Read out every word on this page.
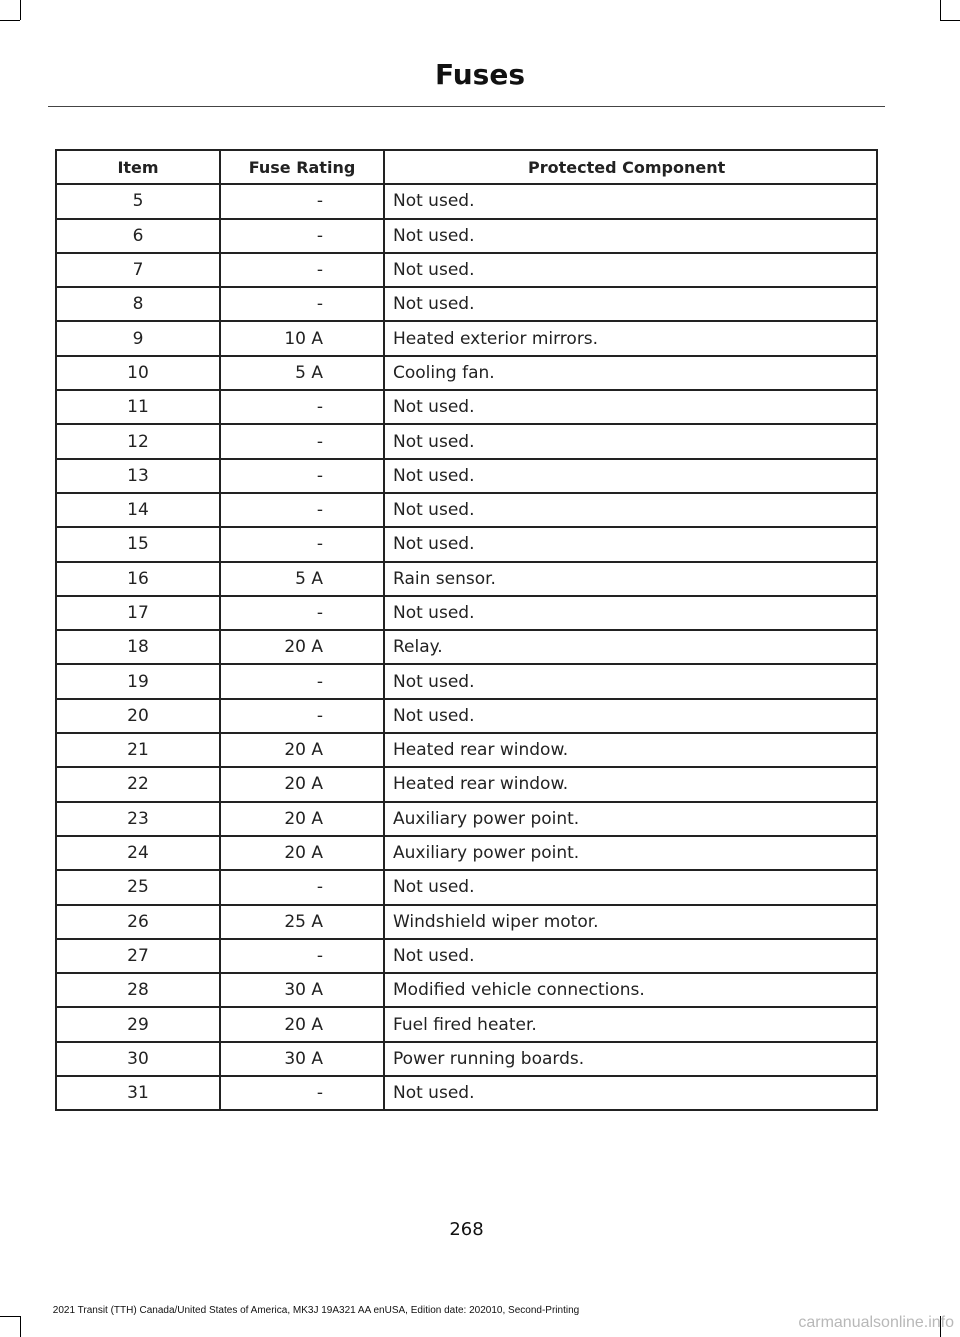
Fuses
Item	Fuse Rating	Protected Component
5	-	Not used.
6	-	Not used.
7	-	Not used.
8	-	Not used.
9	10 A	Heated exterior mirrors.
10	5 A	Cooling fan.
11	-	Not used.
12	-	Not used.
13	-	Not used.
14	-	Not used.
15	-	Not used.
16	5 A	Rain sensor.
17	-	Not used.
18	20 A	Relay.
19	-	Not used.
20	-	Not used.
21	20 A	Heated rear window.
22	20 A	Heated rear window.
23	20 A	Auxiliary power point.
24	20 A	Auxiliary power point.
25	-	Not used.
26	25 A	Windshield wiper motor.
27	-	Not used.
28	30 A	Modified vehicle connections.
29	20 A	Fuel fired heater.
30	30 A	Power running boards.
31	-	Not used.
268
2021 Transit (TTH) Canada/United States of America, MK3J 19A321 AA enUSA, Edition date: 202010, Second-Printing
carmanualsonline.info
